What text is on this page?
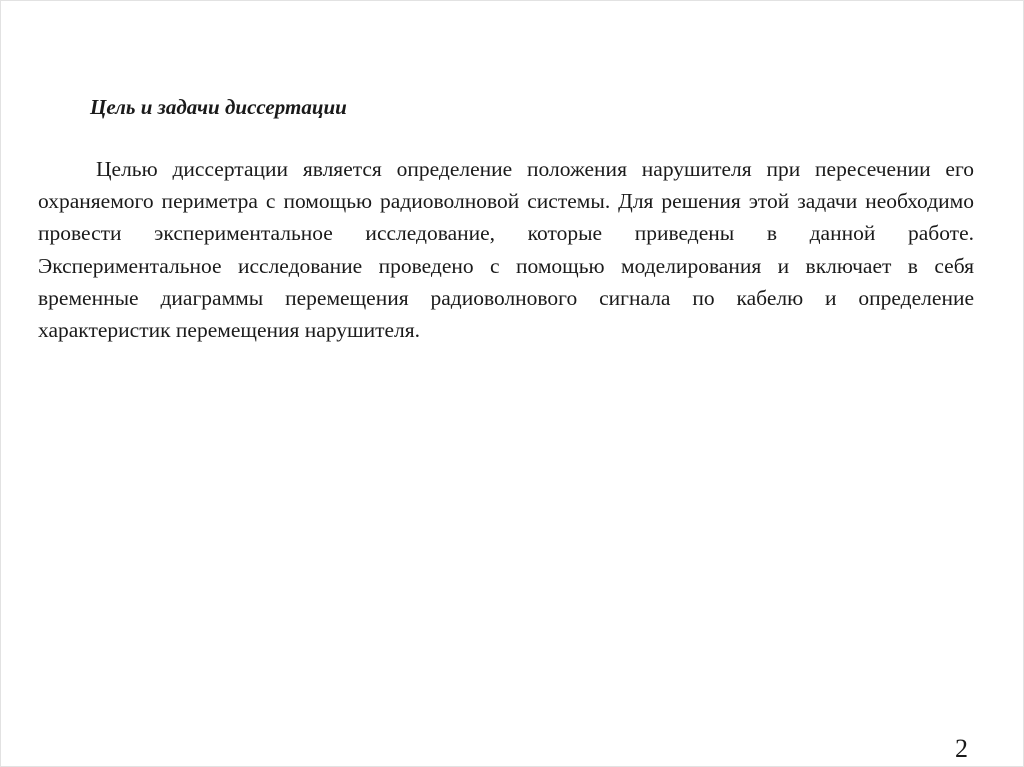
Цель и задачи диссертации

Целью диссертации является определение положения нарушителя при пересечении его охраняемого периметра с помощью радиоволновой системы. Для решения этой задачи необходимо провести экспериментальное исследование, которые приведены в данной работе.  Экспериментальное исследование проведено с помощью моделирования и включает в себя временные диаграммы перемещения радиоволнового сигнала по кабелю и определение характеристик перемещения нарушителя.

2
